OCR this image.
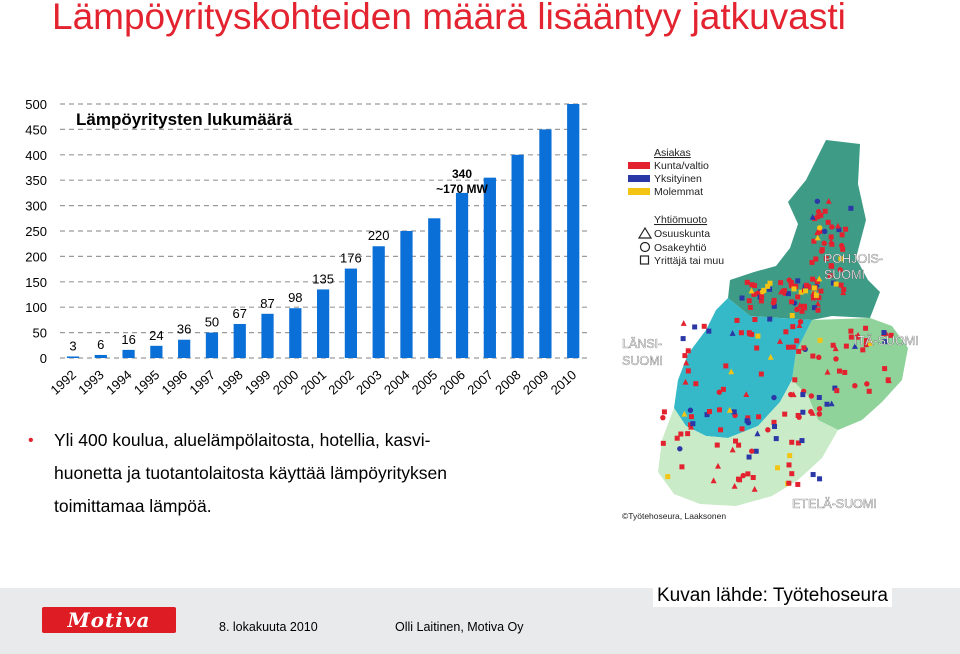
Lämpöyrityskohteiden määrä lisääntyy jatkuvasti
0
50
100
150
200
250
300
350
400
450
500
3 6 16 24 36 50
67
87 98
135
176
220
1992
1993
1994
1995
1996
1997
1998
1999
2000
2001
2002
2003
2004
2005
2006
2007
2008
2009
2010
Lämpöyritysten lukumäärä
340
~170 MW
• Yli 400 koulua, aluelämpölaitosta, hotellia, kasvi-
huonetta ja tuotantolaitosta käyttää lämpöyrityksen
toimittamaa lämpöä.
Asiakas
Kunta/valtio
Yksityinen
Molemmat
Yhtiömuoto
Osuuskunta
Osakeyhtiö
Yrittäjä tai muu	POHJOIS-
SUOMI
ITÄ-SUOMI
LÄNSI-
SUOMI
ETELÄ-SUOMI
©Työtehoseura, Laaksonen
Motiva	8. lokakuuta 2010	Olli Laitinen, Motiva Oy
Kuvan lähde: Työtehoseura
